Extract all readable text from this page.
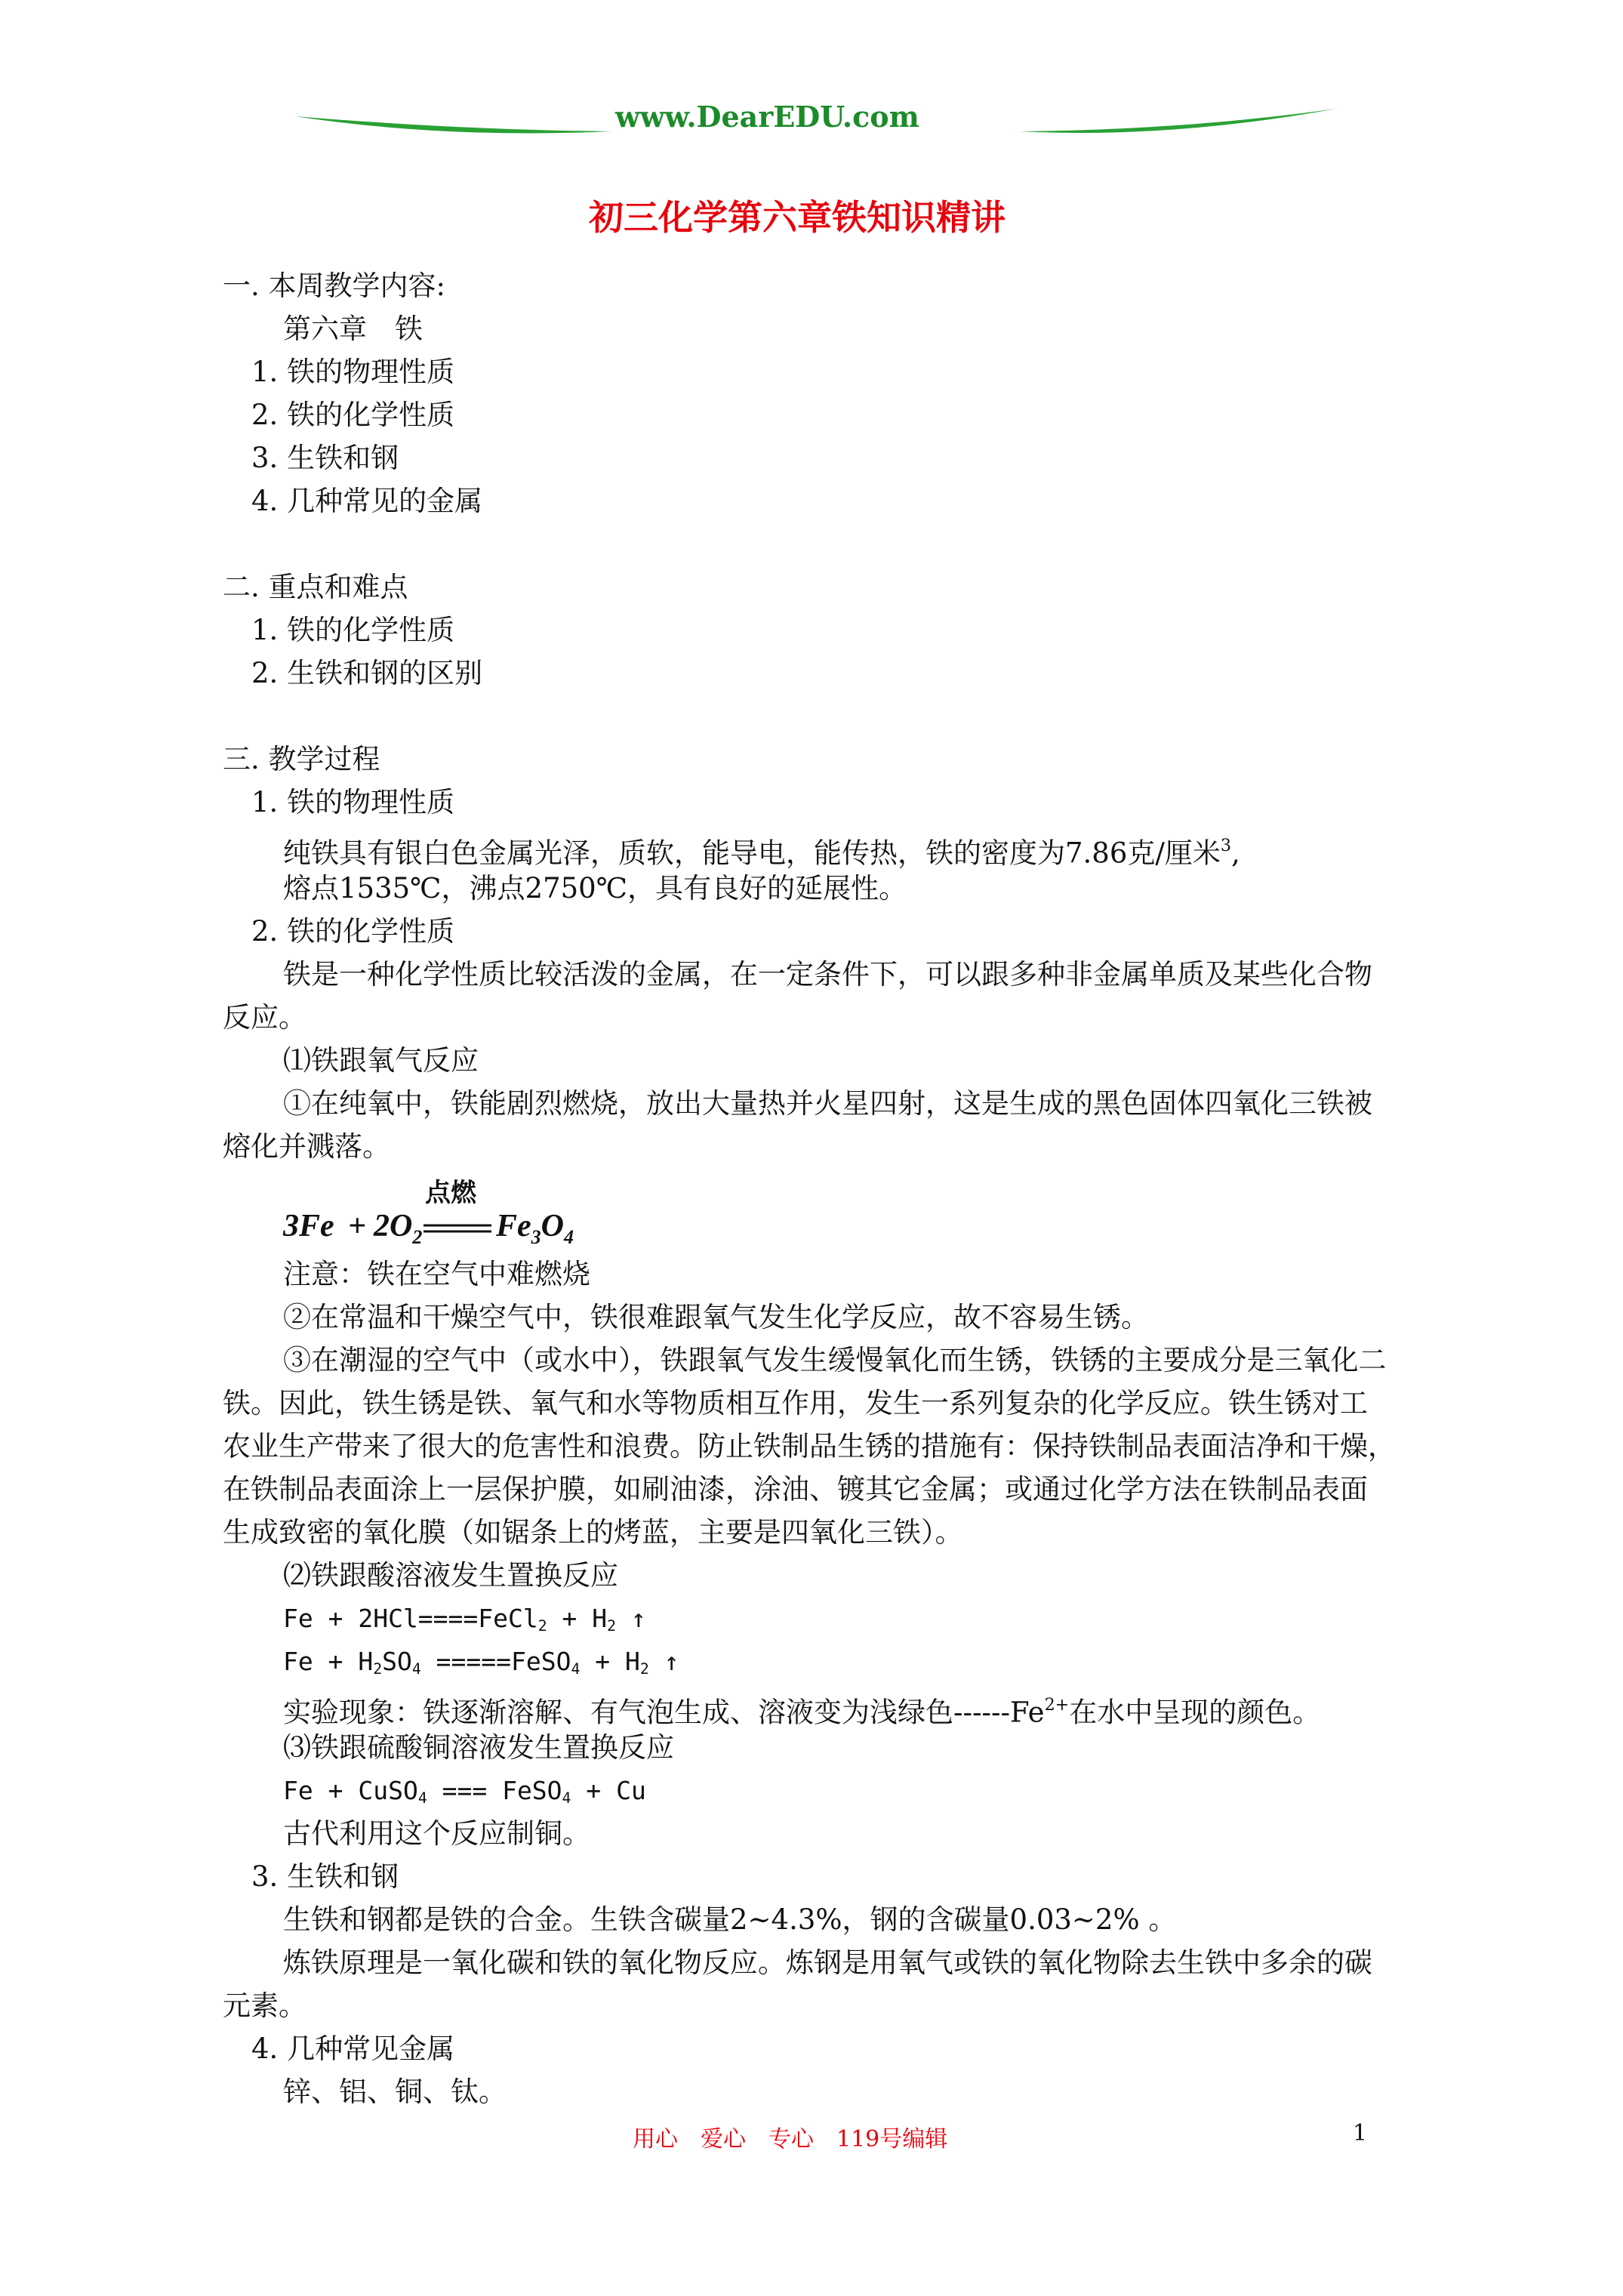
www.DearEDU.com
初三化学第六章铁知识精讲
一. 本周教学内容:
第六章　铁
1. 铁的物理性质
2. 铁的化学性质
3. 生铁和钢
4. 几种常见的金属
二. 重点和难点
1. 铁的化学性质
2. 生铁和钢的区别
三. 教学过程
1. 铁的物理性质
纯铁具有银白色金属光泽，质软，能导电，能传热，铁的密度为7.86克/厘米$^3$,
熔点1535℃，沸点2750℃，具有良好的延展性。
2. 铁的化学性质
铁是一种化学性质比较活泼的金属，在一定条件下，可以跟多种非金属单质及某些化合物
反应。
⑴铁跟氧气反应
①在纯氧中，铁能剧烈燃烧，放出大量热并火星四射，这是生成的黑色固体四氧化三铁被
熔化并溅落。
点燃
$3Fe + 2O_2$ $Fe_3O_4$
注意：铁在空气中难燃烧
②在常温和干燥空气中，铁很难跟氧气发生化学反应，故不容易生锈。
③在潮湿的空气中（或水中），铁跟氧气发生缓慢氧化而生锈，铁锈的主要成分是三氧化二
铁。因此，铁生锈是铁、氧气和水等物质相互作用，发生一系列复杂的化学反应。铁生锈对工
农业生产带来了很大的危害性和浪费。防止铁制品生锈的措施有：保持铁制品表面洁净和干燥，
在铁制品表面涂上一层保护膜，如刷油漆，涂油、镀其它金属；或通过化学方法在铁制品表面
生成致密的氧化膜（如锯条上的烤蓝，主要是四氧化三铁）。
⑵铁跟酸溶液发生置换反应
Fe + 2HCl====FeCl$_2$ + $H_2$ ↑
$Fe + H_2SO_4$ =====FeSO$_4$ + $H_2$ ↑
实验现象：铁逐渐溶解、有气泡生成、溶液变为浅绿色$------Fe^{2+}$在水中呈现的颜色。
⑶铁跟硫酸铜溶液发生置换反应
Fe + CuSO$_4$ === FeSO$_4$ + Cu
古代利用这个反应制铜。
3. 生铁和钢
生铁和钢都是铁的合金。生铁含碳量2~4.3%，钢的含碳量0.03~2% 。
炼铁原理是一氧化碳和铁的氧化物反应。炼钢是用氧气或铁的氧化物除去生铁中多余的碳
元素。
4. 几种常见金属
锌、铝、铜、钛。
用心　爱心　专心　119号编辑	1
